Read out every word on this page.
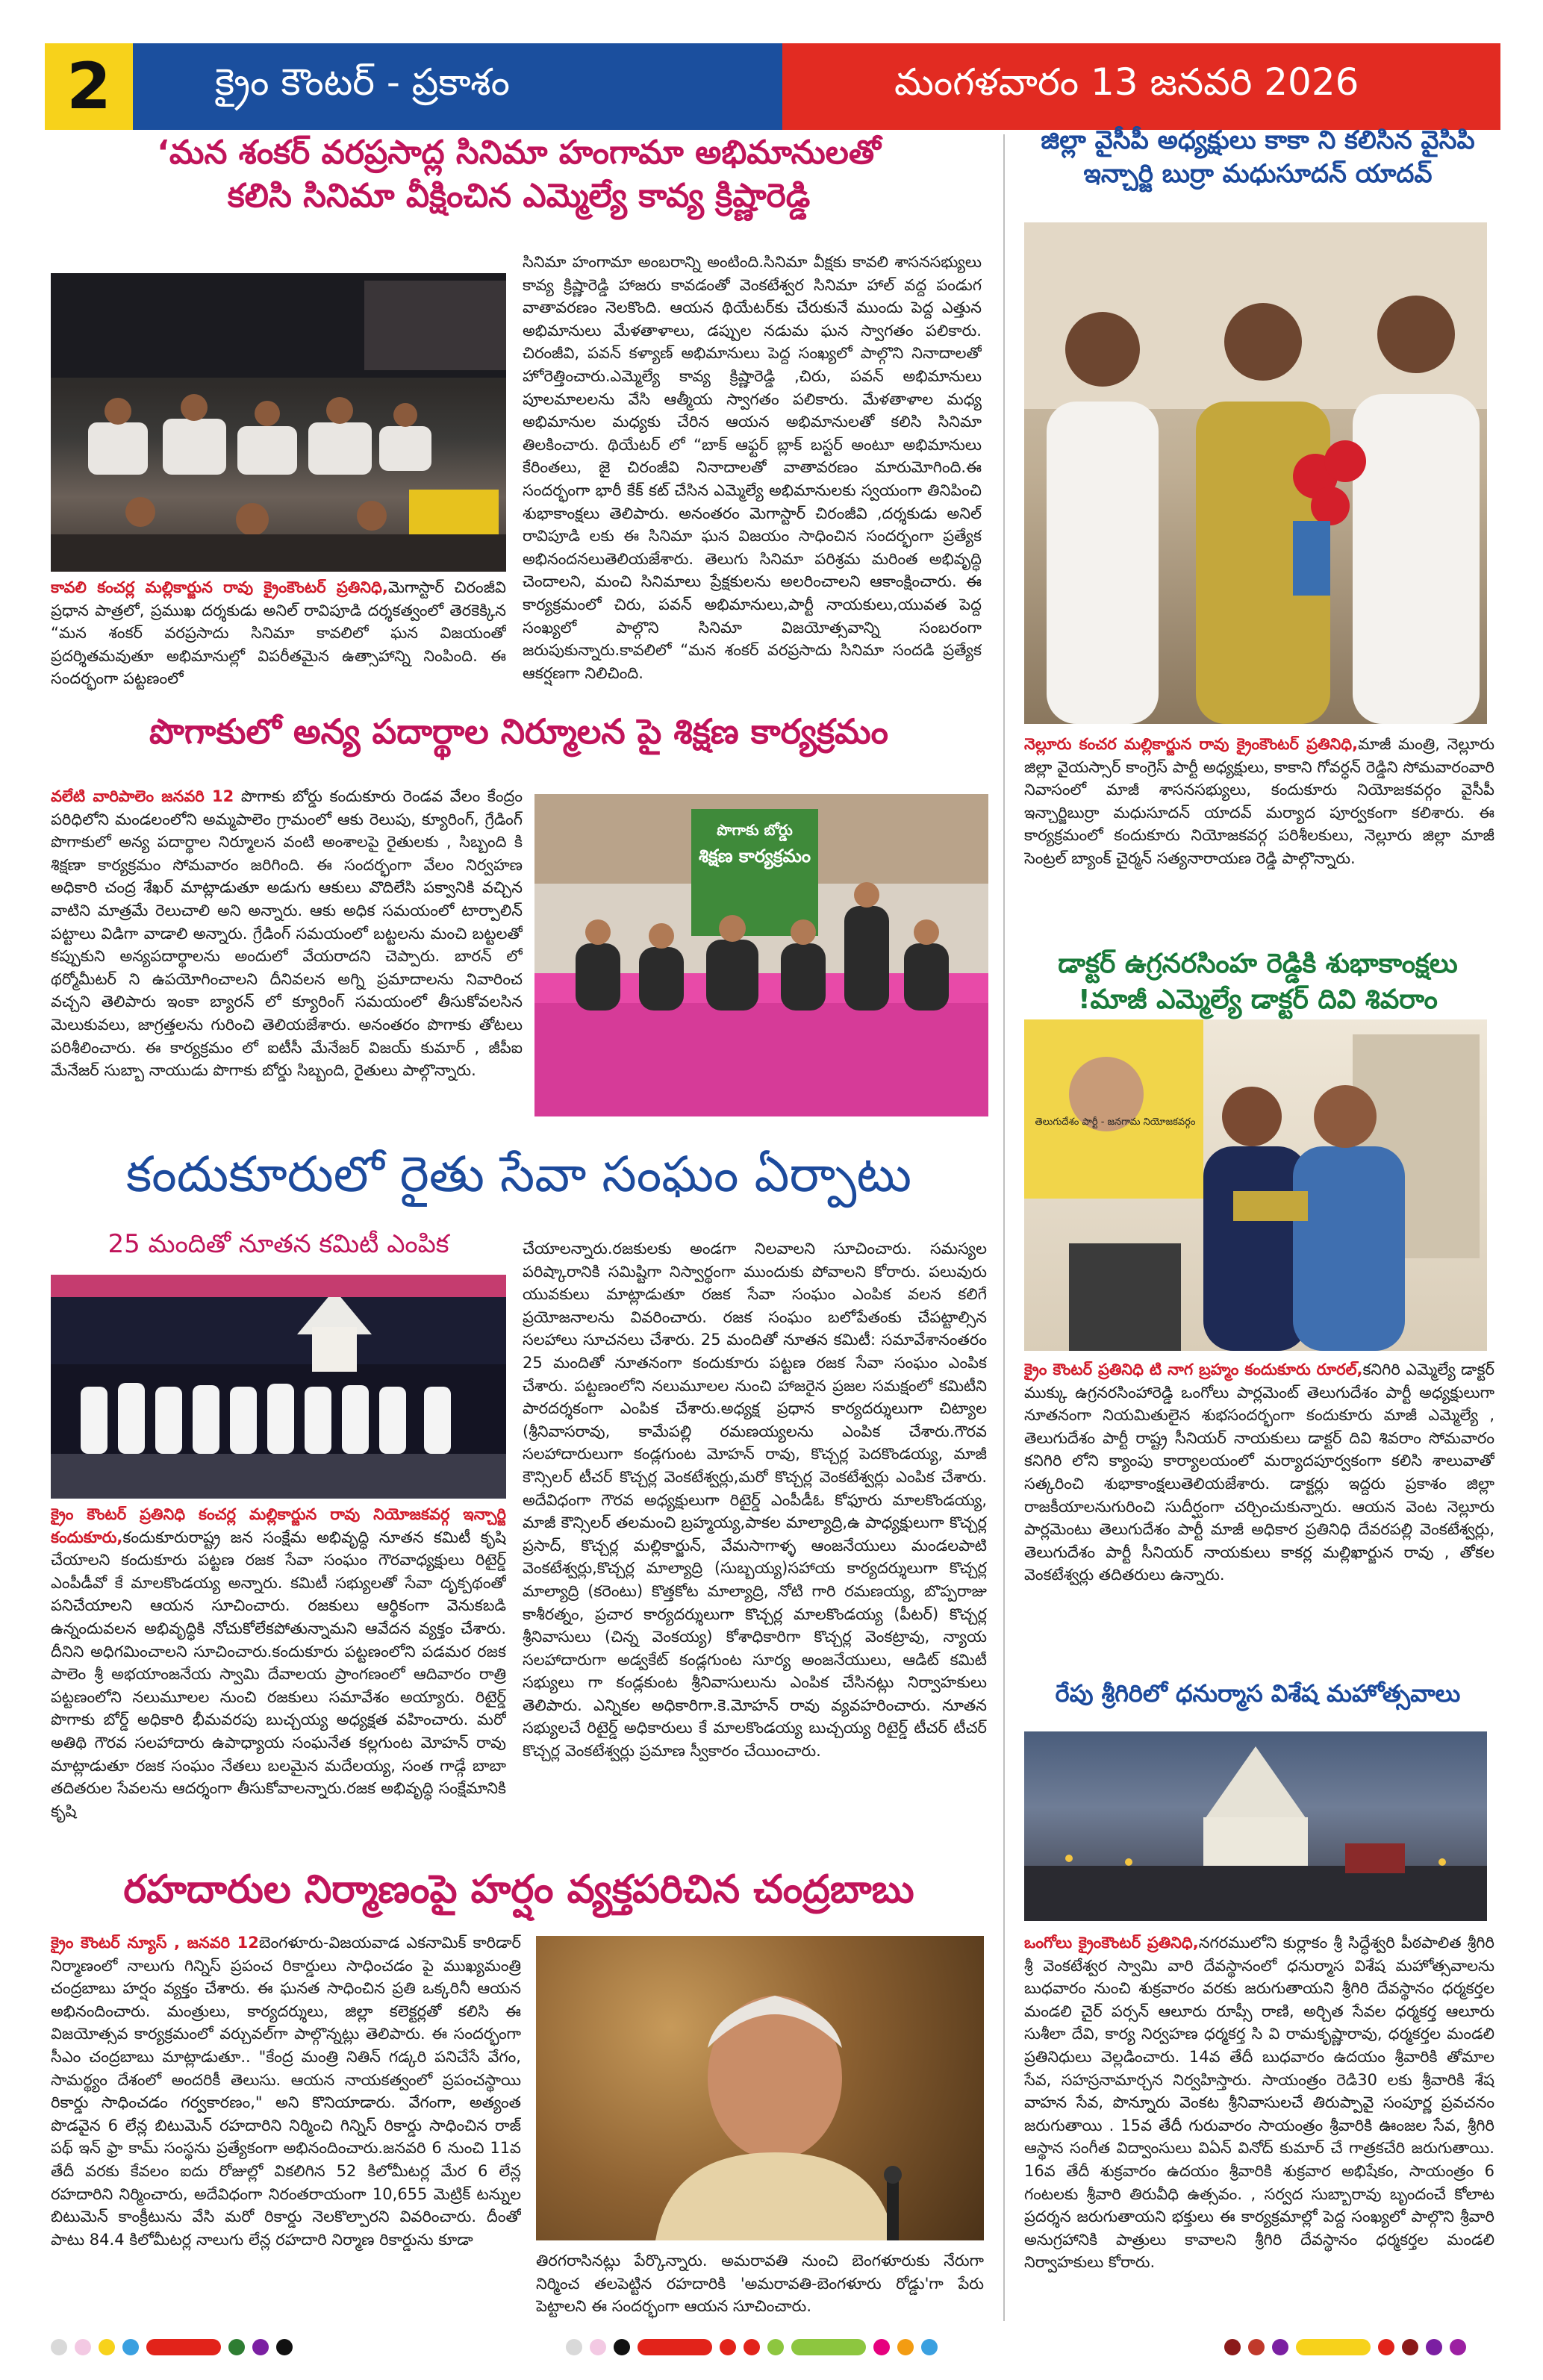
2	క్రైం కౌంటర్ - ప్రకాశం	మంగళవారం 13 జనవరి 2026
‘మన శంకర్ వరప్రసాద్ల సినిమా హంగామా అభిమానులతో
కలిసి సినిమా వీక్షించిన ఎమ్మెల్యే కావ్య క్రిష్ణారెడ్డి
కావలి కంచర్ల మల్లికార్జున రావు క్రైంకౌంటర్ ప్రతినిధి,మెగాస్టార్ చిరంజీవి ప్రధాన పాత్రలో, ప్రముఖ దర్శకుడు అనిల్ రావిపూడి దర్శకత్వంలో తెరకెక్కిన “మన శంకర్ వరప్రసాదు సినిమా కావలిలో ఘన విజయంతో ప్రదర్శితమవుతూ అభిమానుల్లో విపరీతమైన ఉత్సాహాన్ని నింపింది. ఈ సందర్భంగా పట్టణంలో
సినిమా హంగామా అంబరాన్ని అంటింది.సినిమా వీక్షకు కావలి శాసనసభ్యులు కావ్య క్రిష్ణారెడ్డి హాజరు కావడంతో వెంకటేశ్వర సినిమా హాల్ వద్ద పండుగ వాతావరణం నెలకొంది. ఆయన థియేటర్‌కు చేరుకునే ముందు పెద్ద ఎత్తున అభిమానులు మేళతాళాలు, డప్పుల నడుమ ఘన స్వాగతం పలికారు. చిరంజీవి, పవన్ కళ్యాణ్ అభిమానులు పెద్ద సంఖ్యలో పాల్గొని నినాదాలతో హోరెత్తించారు.ఎమ్మెల్యే కావ్య క్రిష్ణారెడ్డి ,చిరు, పవన్ అభిమానులు పూలమాలలను వేసి ఆత్మీయ స్వాగతం పలికారు. మేళతాళాల మధ్య అభిమానుల మధ్యకు చేరిన ఆయన అభిమానులతో కలిసి సినిమా తిలకించారు. థియేటర్ లో “బాక్ ఆఫ్టర్ బ్లాక్ బస్టర్ అంటూ అభిమానులు కేరింతలు, జై చిరంజీవి నినాదాలతో వాతావరణం మారుమోగింది.ఈ సందర్భంగా భారీ కేక్ కట్ చేసిన ఎమ్మెల్యే అభిమానులకు స్వయంగా తినిపించి శుభాకాంక్షలు తెలిపారు. అనంతరం మెగాస్టార్ చిరంజీవి ,దర్శకుడు అనిల్ రావిపూడి లకు ఈ సినిమా ఘన విజయం సాధించిన సందర్భంగా ప్రత్యేక అభినందనలుతెలియజేశారు. తెలుగు సినిమా పరిశ్రమ మరింత అభివృద్ధి చెందాలని, మంచి సినిమాలు ప్రేక్షకులను అలరించాలని ఆకాంక్షించారు. ఈ కార్యక్రమంలో చిరు, పవన్ అభిమానులు,పార్టీ నాయకులు,యువత పెద్ద సంఖ్యలో పాల్గొని సినిమా విజయోత్సవాన్ని సంబరంగా జరుపుకున్నారు.కావలిలో “మన శంకర్ వరప్రసాదు సినిమా సందడి ప్రత్యేక ఆకర్షణగా నిలిచింది.
పొగాకులో అన్య పదార్థాల నిర్మూలన పై శిక్షణ కార్యక్రమం
వలేటి వారిపాలెం జనవరి 12 పొగాకు బోర్డు కందుకూరు రెండవ వేలం కేంద్రం పరిధిలోని మండలంలోని అమ్మపాలెం గ్రామంలో ఆకు రెలుపు, క్యూరింగ్, గ్రేడింగ్ పొగాకులో అన్య పదార్థాల నిర్మూలన వంటి అంశాలపై రైతులకు , సిబ్బంది కి శిక్షణా కార్యక్రమం సోమవారం జరిగింది. ఈ సందర్భంగా వేలం నిర్వహణ అధికారి చంద్ర శేఖర్ మాట్లాడుతూ అడుగు ఆకులు వొదిలేసి పక్వానికి వచ్చిన వాటిని మాత్రమే రెలుచాలి అని అన్నారు. ఆకు అధిక సమయంలో టార్పాలిన్ పట్టాలు విడిగా వాడాలి అన్నారు. గ్రేడింగ్ సమయంలో బట్టలను మంచి బట్టలతో కప్పుకుని అన్యపదార్థాలను అందులో వేయరాదని చెప్పారు. బారన్ లో థర్మోమీటర్ ని ఉపయోగించాలని దీనివలన అగ్ని ప్రమాదాలను నివారించ వచ్చని తెలిపారు ఇంకా బ్యారన్ లో క్యూరింగ్ సమయంలో తీసుకోవలసిన మెలుకువలు, జాగ్రత్తలను గురించి తెలియజేశారు. అనంతరం పొగాకు తోటలు పరిశీలించారు. ఈ కార్యక్రమం లో ఐటీసీ మేనేజర్ విజయ్ కుమార్ , జీపీఐ మేనేజర్ సుబ్బా నాయుడు పొగాకు బోర్డు సిబ్బంది, రైతులు పాల్గొన్నారు.
పొగాకు బోర్డు
శిక్షణ కార్యక్రమం
కందుకూరులో రైతు సేవా సంఘం ఏర్పాటు
25 మందితో నూతన కమిటీ ఎంపిక
క్రైం కౌంటర్ ప్రతినిధి కంచర్ల మల్లికార్జున రావు నియోజకవర్గ ఇన్చార్జి కందుకూరు,కందుకూరురాష్ట్ర జన సంక్షేమ అభివృద్ధి నూతన కమిటీ కృషి చేయాలని కందుకూరు పట్టణ రజక సేవా సంఘం గౌరవాధ్యక్షులు రిటైర్డ్ ఎంపీడీవో కే మాలకొండయ్య అన్నారు. కమిటీ సభ్యులతో సేవా దృక్పథంతో పనిచేయాలని ఆయన సూచించారు. రజకులు ఆర్థికంగా వెనుకబడి ఉన్నందువలన అభివృద్ధికి నోచుకోలేకపోతున్నామని ఆవేదన వ్యక్తం చేశారు. దీనిని అధిగమించాలని సూచించారు.కందుకూరు పట్టణంలోని పడమర రజక పాలెం శ్రీ అభయాంజనేయ స్వామి దేవాలయ ప్రాంగణంలో ఆదివారం రాత్రి పట్టణంలోని నలుమూలల నుంచి రజకులు సమావేశం అయ్యారు. రిటైర్డ్ పొగాకు బోర్డ్ అధికారి భీమవరపు బుచ్చయ్య అధ్యక్షత వహించారు. మరో అతిథి గౌరవ సలహాదారు ఉపాధ్యాయ సంఘనేత కల్లగుంట మోహన్ రావు మాట్లాడుతూ రజక సంఘం నేతలు బలమైన మదేలయ్య, సంత గాడ్గే బాబా తదితరుల సేవలను ఆదర్శంగా తీసుకోవాలన్నారు.రజక అభివృద్ధి సంక్షేమానికి కృషి
చేయాలన్నారు.రజకులకు అండగా నిలవాలని సూచించారు. సమస్యల పరిష్కారానికి సమిష్టిగా నిస్వార్థంగా ముందుకు పోవాలని కోరారు. పలువురు యువకులు మాట్లాడుతూ రజక సేవా సంఘం ఎంపిక వలన కలిగే ప్రయోజనాలను వివరించారు. రజక సంఘం బలోపేతంకు చేపట్టాల్సిన సలహాలు సూచనలు చేశారు. 25 మందితో నూతన కమిటీ: సమావేశానంతరం 25 మందితో నూతనంగా కందుకూరు పట్టణ రజక సేవా సంఘం ఎంపిక చేశారు. పట్టణంలోని నలుమూలల నుంచి హాజరైన ప్రజల సమక్షంలో కమిటీని పారదర్శకంగా ఎంపిక చేశారు.అధ్యక్ష ప్రధాన కార్యదర్శులుగా చిట్యాల (శ్రీనివాసరావు, కామేపల్లి రమణయ్యలను ఎంపిక చేశారు.గౌరవ సలహాదారులుగా కండ్లగుంట మోహన్ రావు, కొచ్చర్ల పెదకొండయ్య, మాజీ కౌన్సిలర్ టీచర్ కొచ్చర్ల వెంకటేశ్వర్లు,మరో కొచ్చర్ల వెంకటేశ్వర్లు ఎంపిక చేశారు. అదేవిధంగా గౌరవ అధ్యక్షులుగా రిటైర్డ్ ఎంపీడీఓ కోఫూరు మాలకొండయ్య, మాజీ కౌన్సిలర్ తలమంచి బ్రహ్మయ్య,పాకల మాల్యాద్రి,ఉ పాధ్యక్షులుగా కొచ్చర్ల ప్రసాద్, కొచ్చర్ల మల్లికార్జున్, వేమసాగాళ్ళ ఆంజనేయులు మండలపాటి వెంకటేశ్వర్లు,కొచ్చర్ల మాల్యాద్రి (సుబ్బయ్య)సహాయ కార్యదర్శులుగా కొచ్చర్ల మాల్యాద్రి (కరెంటు) కొత్తకోట మాల్యాద్రి, నోటి గారి రమణయ్య, బొప్పరాజు కాశీరత్నం, ప్రచార కార్యదర్శులుగా కొచ్చర్ల మాలకొండయ్య (పీటర్) కొచ్చర్ల శ్రీనివాసులు (చిన్న వెంకయ్య) కోశాధికారిగా కొచ్చర్ల వెంకట్రావు, న్యాయ సలహాదారుగా అడ్వకేట్ కండ్లగుంట సూర్య అంజనేయులు, ఆడిట్ కమిటీ సభ్యులు గా కండ్లకుంట శ్రీనివాసులును ఎంపిక చేసినట్లు నిర్వాహకులు తెలిపారు. ఎన్నికల అధికారిగా.కె.మోహన్ రావు వ్యవహరించారు. నూతన సభ్యులచే రిటైర్డ్ అధికారులు కే మాలకొండయ్య బుచ్చయ్య రిటైర్డ్ టీచర్ టీచర్ కొచ్చర్ల వెంకటేశ్వర్లు ప్రమాణ స్వీకారం చేయించారు.
రహదారుల నిర్మాణంపై హర్షం వ్యక్తపరిచిన చంద్రబాబు
క్రైం కౌంటర్ న్యూస్ , జనవరి 12బెంగళూరు-విజయవాడ ఎకనామిక్ కారిడార్ నిర్మాణంలో నాలుగు గిన్నిస్ ప్రపంచ రికార్డులు సాధించడం పై ముఖ్యమంత్రి చంద్రబాబు హర్షం వ్యక్తం చేశారు. ఈ ఘనత సాధించిన ప్రతి ఒక్కరినీ ఆయన అభినందించారు. మంత్రులు, కార్యదర్శులు, జిల్లా కలెక్టర్లతో కలిసి ఈ విజయోత్సవ కార్యక్రమంలో వర్చువల్‌గా పాల్గొన్నట్లు తెలిపారు. ఈ సందర్భంగా సీఎం చంద్రబాబు మాట్లాడుతూ.. "కేంద్ర మంత్రి నితిన్ గడ్కరి పనిచేసే వేగం, సామర్థ్యం దేశంలో అందరికీ తెలుసు. ఆయన నాయకత్వంలో ప్రపంచస్థాయి రికార్డు సాధించడం గర్వకారణం," అని కొనియాడారు. వేగంగా, అత్యంత పొడవైన 6 లేన్ల బిటుమెన్ రహదారిని నిర్మించి గిన్నిస్ రికార్డు సాధించిన రాజ్ పథ్ ఇన్ ఫ్రా కామ్ సంస్థను ప్రత్యేకంగా అభినందించారు.జనవరి 6 నుంచి 11వ తేదీ వరకు కేవలం ఐదు రోజుల్లో వికలిగిన 52 కిలోమీటర్ల మేర 6 లేన్ల రహదారిని నిర్మించారు, అదేవిధంగా నిరంతరాయంగా 10,655 మెట్రిక్ టన్నుల బిటుమెన్ కాంక్రీటును వేసి మరో రికార్డు నెలకొల్పారని వివరించారు. దీంతో పాటు 84.4 కిలోమీటర్ల నాలుగు లేన్ల రహదారి నిర్మాణ రికార్డును కూడా
తిరగరాసినట్లు పేర్కొన్నారు. అమరావతి నుంచి బెంగళూరుకు నేరుగా నిర్మించ తలపెట్టిన రహదారికి 'అమరావతి-బెంగళూరు రోడ్డు'గా పేరు పెట్టాలని ఈ సందర్భంగా ఆయన సూచించారు.
జిల్లా వైసీపీ అధ్యక్షులు కాకా ని కలిసిన వైసిపి
ఇన్చార్జి బుర్రా మధుసూదన్ యాదవ్
నెల్లూరు కంచర మల్లికార్జున రావు క్రైంకౌంటర్ ప్రతినిధి,మాజీ మంత్రి, నెల్లూరు జిల్లా వైయస్సార్ కాంగ్రెస్ పార్టీ అధ్యక్షులు, కాకాని గోవర్ధన్ రెడ్డిని సోమవారంవారి నివాసంలో మాజీ శాసనసభ్యులు, కందుకూరు నియోజకవర్గం వైసీపీ ఇన్చార్జిబుర్రా మధుసూదన్ యాదవ్ మర్యాద పూర్వకంగా కలిశారు. ఈ కార్యక్రమంలో కందుకూరు నియోజకవర్గ పరిశీలకులు, నెల్లూరు జిల్లా మాజీ సెంట్రల్ బ్యాంక్ చైర్మన్ సత్యనారాయణ రెడ్డి పాల్గొన్నారు.
డాక్టర్ ఉగ్రనరసింహ రెడ్డికి శుభాకాంక్షలు
!మాజీ ఎమ్మెల్యే డాక్టర్ దివి శివరాం
తెలుగుదేశం పార్టీ - జనగామ నియోజకవర్గం
క్రైం కౌంటర్ ప్రతినిధి టి నాగ బ్రహ్మం కందుకూరు రూరల్,కనిగిరి ఎమ్మెల్యే డాక్టర్ ముక్కు ఉగ్రనరసింహారెడ్డి ఒంగోలు పార్లమెంట్ తెలుగుదేశం పార్టీ అధ్యక్షులుగా నూతనంగా నియమితులైన శుభసందర్భంగా కందుకూరు మాజీ ఎమ్మెల్యే , తెలుగుదేశం పార్టీ రాష్ట్ర సీనియర్ నాయకులు డాక్టర్ దివి శివరాం సోమవారం కనిగిరి లోని క్యాంపు కార్యాలయంలో మర్యాదపూర్వకంగా కలిసి శాలువాతో సత్కరించి శుభాకాంక్షలుతెలియజేశారు. డాక్టర్లు ఇద్దరు ప్రకాశం జిల్లా రాజకీయాలనుగురించి సుదీర్ఘంగా చర్చించుకున్నారు. ఆయన వెంట నెల్లూరు పార్లమెంటు తెలుగుదేశం పార్టీ మాజీ అధికార ప్రతినిధి దేవరపల్లి వెంకటేశ్వర్లు, తెలుగుదేశం పార్టీ సీనియర్ నాయకులు కాకర్ల మల్లిఖార్జున రావు , తోకల వెంకటేశ్వర్లు తదితరులు ఉన్నారు.
రేపు శ్రీగిరిలో ధనుర్మాస విశేష మహోత్సవాలు
ఒంగోలు క్రైంకౌంటర్ ప్రతినిధి,నగరములోని కుర్లాకం శ్రీ సిద్ధేశ్వరి పీఠపాలిత శ్రీగిరి శ్రీ వెంకటేశ్వర స్వామి వారి దేవస్థానంలో ధనుర్మాస విశేష మహోత్సవాలను బుధవారం నుంచి శుక్రవారం వరకు జరుగుతాయని శ్రీగిరి దేవస్థానం ధర్మకర్తల మండలి చైర్ పర్సన్ ఆలూరు రూప్సీ రాణి, అర్చిత సేవల ధర్మకర్త ఆలూరు సుశీలా దేవి, కార్య నిర్వహణ ధర్మకర్త సి వి రామకృష్ణారావు, ధర్మకర్తల మండలి ప్రతినిధులు వెల్లడించారు. 14వ తేదీ బుధవారం ఉదయం శ్రీవారికి తోమాల సేవ, సహస్రనామార్చన నిర్వహిస్తారు. సాయంత్రం రెడి30 లకు శ్రీవారికి శేష వాహన సేవ, పొన్నూరు వెంకట శ్రీనివాసులచే తిరుప్పావై సంపూర్ణ ప్రవచనం జరుగుతాయి . 15వ తేదీ గురువారం సాయంత్రం శ్రీవారికి ఊంజల సేవ, శ్రీగిరి ఆస్థాన సంగీత విద్వాంసులు విఏన్ వినోద్ కుమార్ చే గాత్రకచేరి జరుగుతాయి. 16వ తేదీ శుక్రవారం ఉదయం శ్రీవారికి శుక్రవార అభిషేకం, సాయంత్రం 6 గంటలకు శ్రీవారి తిరువీధి ఉత్సవం. , సర్వద సుబ్బారావు బృందంచే కోలాట ప్రదర్శన జరుగుతాయని భక్తులు ఈ కార్యక్రమాల్లో పెద్ద సంఖ్యలో పాల్గొని శ్రీవారి అనుగ్రహానికి పాత్రులు కావాలని శ్రీగిరి దేవస్థానం ధర్మకర్తల మండలి నిర్వాహకులు కోరారు.
